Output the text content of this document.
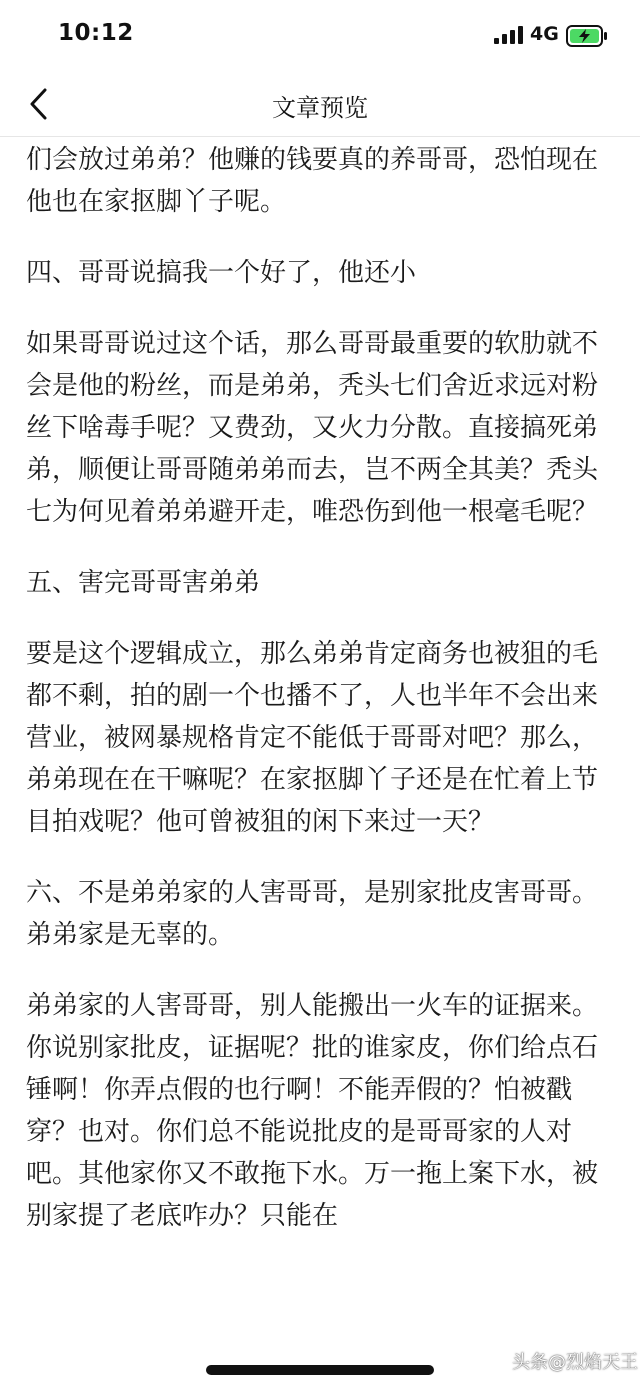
10:12	4G
文章预览

们会放过弟弟？他赚的钱要真的养哥哥，恐怕现在他也在家抠脚丫子呢。

四、哥哥说搞我一个好了，他还小

如果哥哥说过这个话，那么哥哥最重要的软肋就不会是他的粉丝，而是弟弟，秃头七们舍近求远对粉丝下啥毒手呢？又费劲，又火力分散。直接搞死弟弟，顺便让哥哥随弟弟而去，岂不两全其美？秃头七为何见着弟弟避开走，唯恐伤到他一根毫毛呢？

五、害完哥哥害弟弟

要是这个逻辑成立，那么弟弟肯定商务也被狙的毛都不剩，拍的剧一个也播不了，人也半年不会出来营业，被网暴规格肯定不能低于哥哥对吧？那么，弟弟现在在干嘛呢？在家抠脚丫子还是在忙着上节目拍戏呢？他可曾被狙的闲下来过一天？

六、不是弟弟家的人害哥哥，是别家批皮害哥哥。弟弟家是无辜的。

弟弟家的人害哥哥，别人能搬出一火车的证据来。你说别家批皮，证据呢？批的谁家皮，你们给点石锤啊！你弄点假的也行啊！不能弄假的？怕被戳穿？也对。你们总不能说批皮的是哥哥家的人对吧。其他家你又不敢拖下水。万一拖上案下水，被别家提了老底咋办？只能在

头条@烈焰天王
